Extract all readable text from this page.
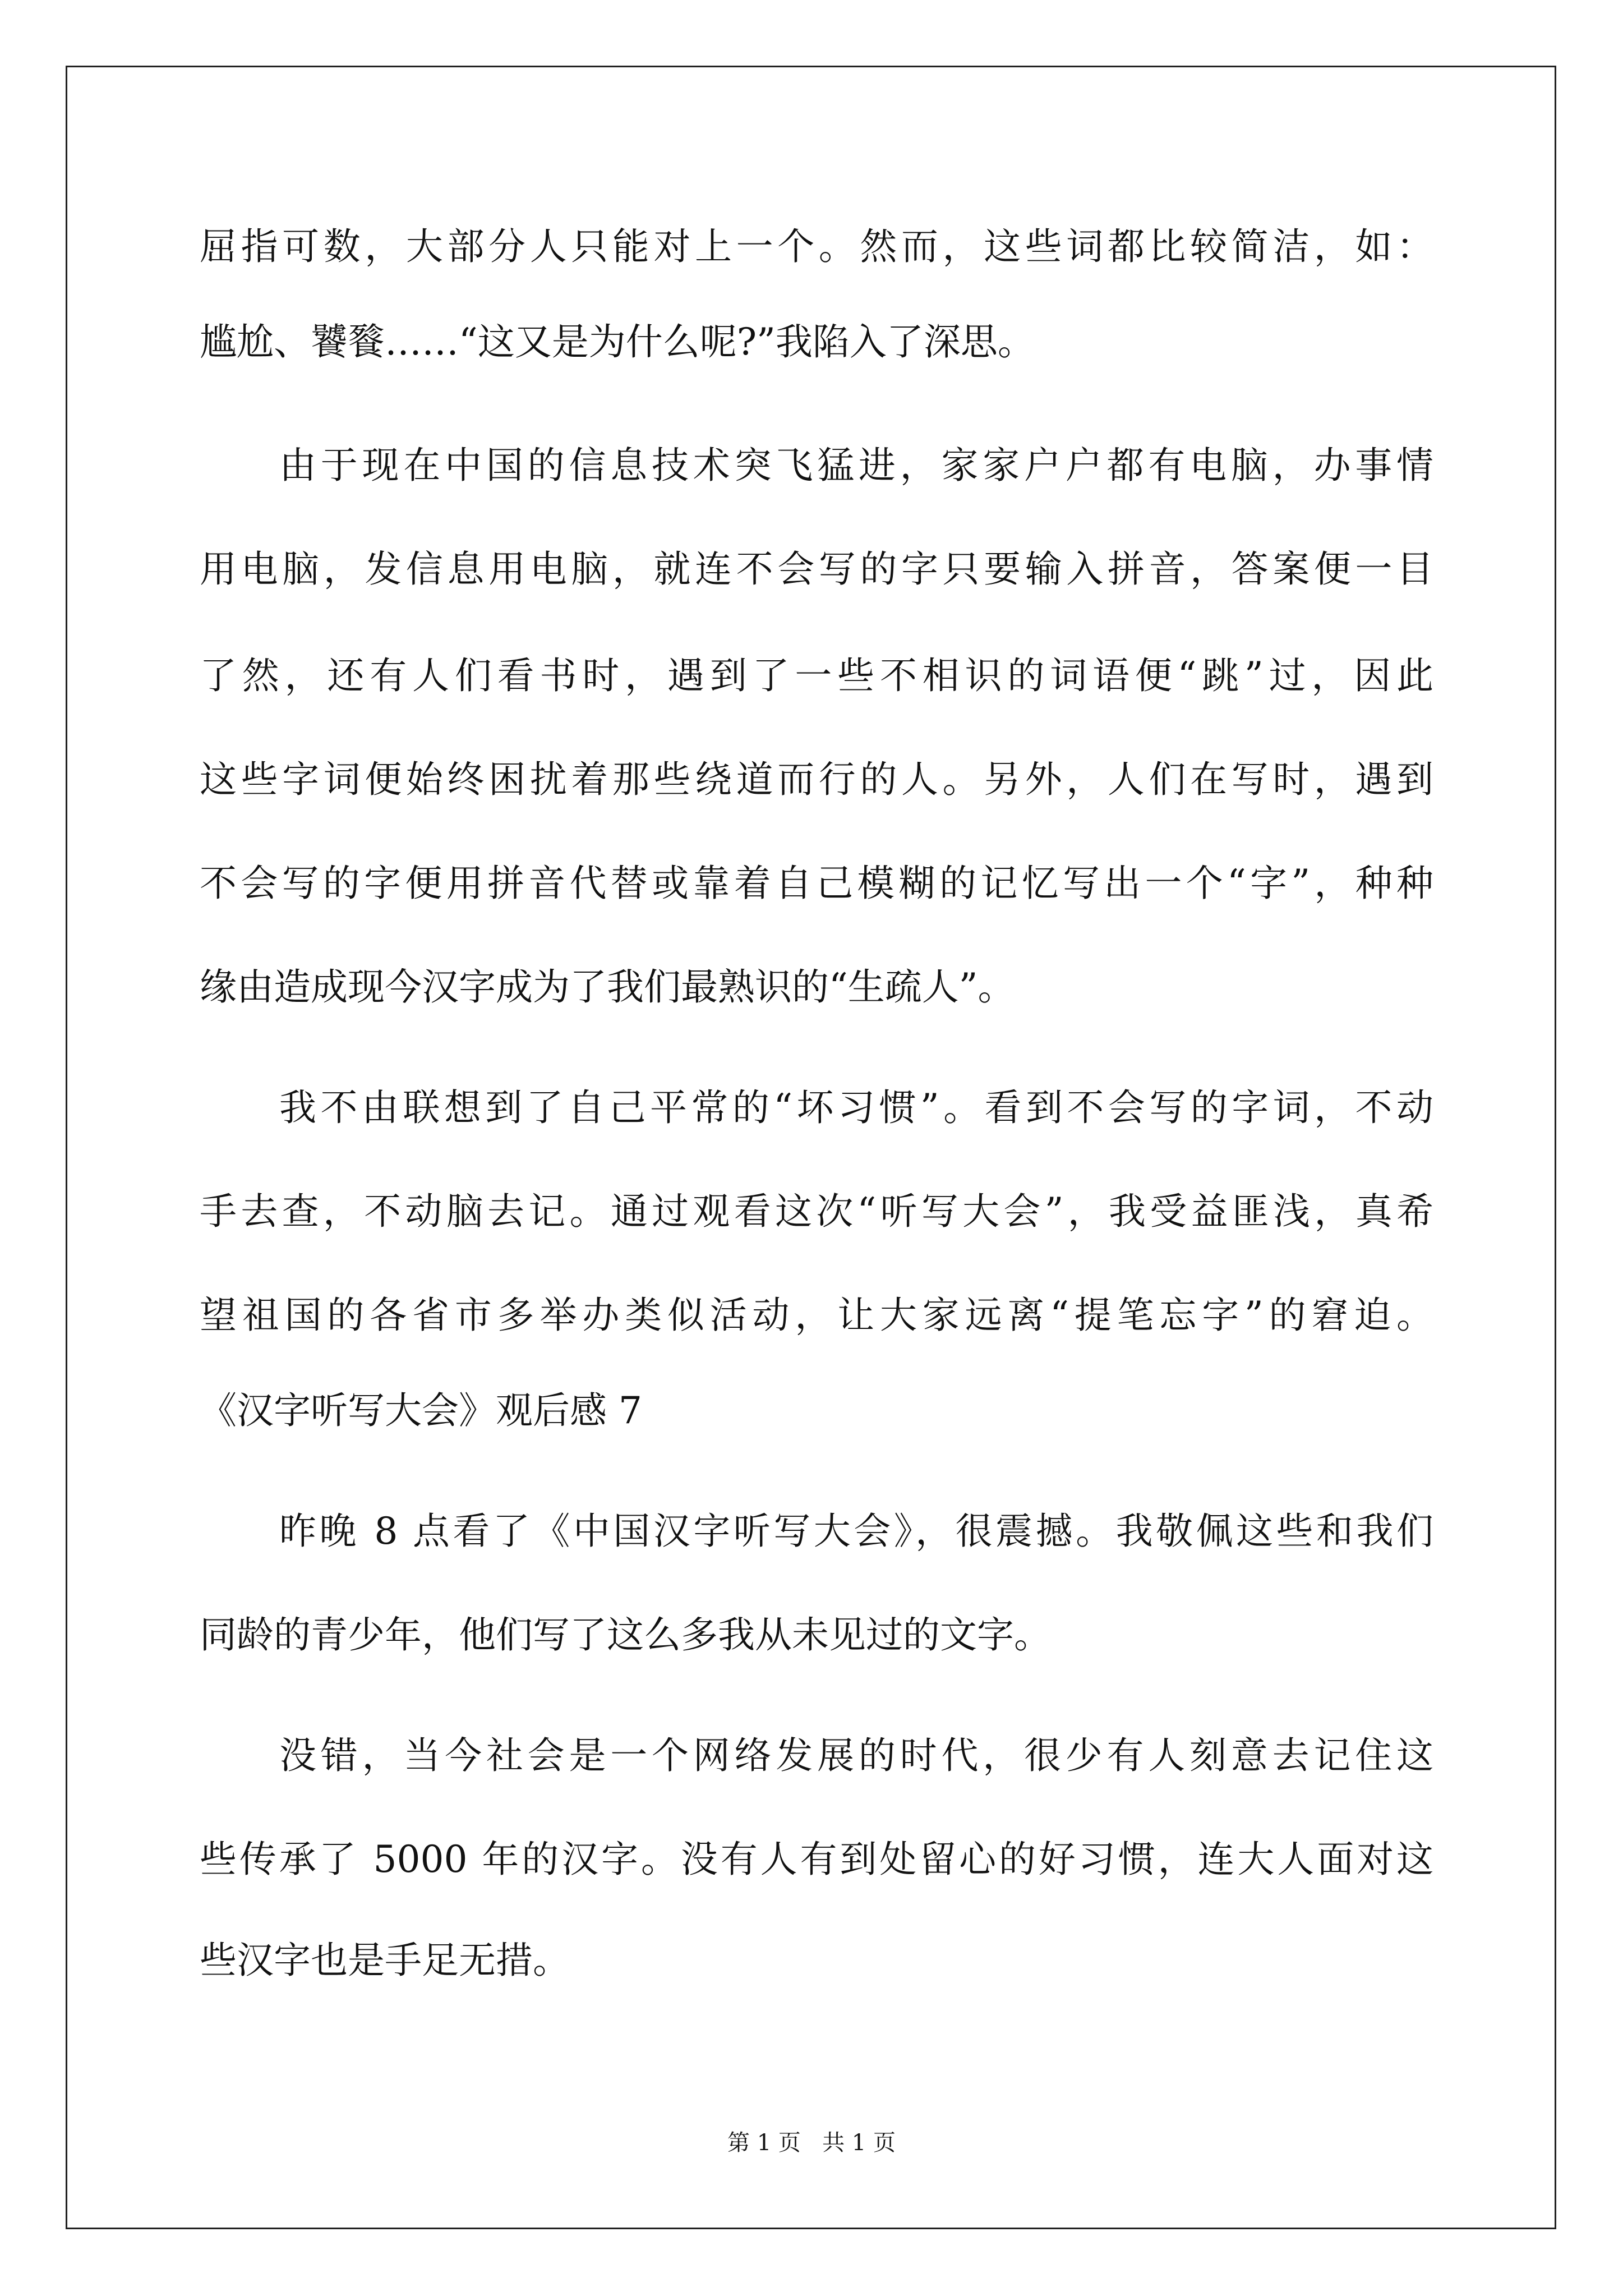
屈指可数，大部分人只能对上一个。然而，这些词都比较简洁，如：

尴尬、饕餮……“这又是为什么呢?”我陷入了深思。

由于现在中国的信息技术突飞猛进，家家户户都有电脑，办事情

用电脑，发信息用电脑，就连不会写的字只要输入拼音，答案便一目

了然，还有人们看书时，遇到了一些不相识的词语便“跳”过，因此

这些字词便始终困扰着那些绕道而行的人。另外，人们在写时，遇到

不会写的字便用拼音代替或靠着自己模糊的记忆写出一个“字”，种种

缘由造成现今汉字成为了我们最熟识的“生疏人”。

我不由联想到了自己平常的“坏习惯”。看到不会写的字词，不动

手去查，不动脑去记。通过观看这次“听写大会”，我受益匪浅，真希

望祖国的各省市多举办类似活动，让大家远离“提笔忘字”的窘迫。

《汉字听写大会》观后感 7

昨晚 8 点看了《中国汉字听写大会》，很震撼。我敬佩这些和我们

同龄的青少年，他们写了这么多我从未见过的文字。

没错，当今社会是一个网络发展的时代，很少有人刻意去记住这

些传承了 5000 年的汉字。没有人有到处留心的好习惯，连大人面对这

些汉字也是手足无措。

第 1 页   共 1 页
